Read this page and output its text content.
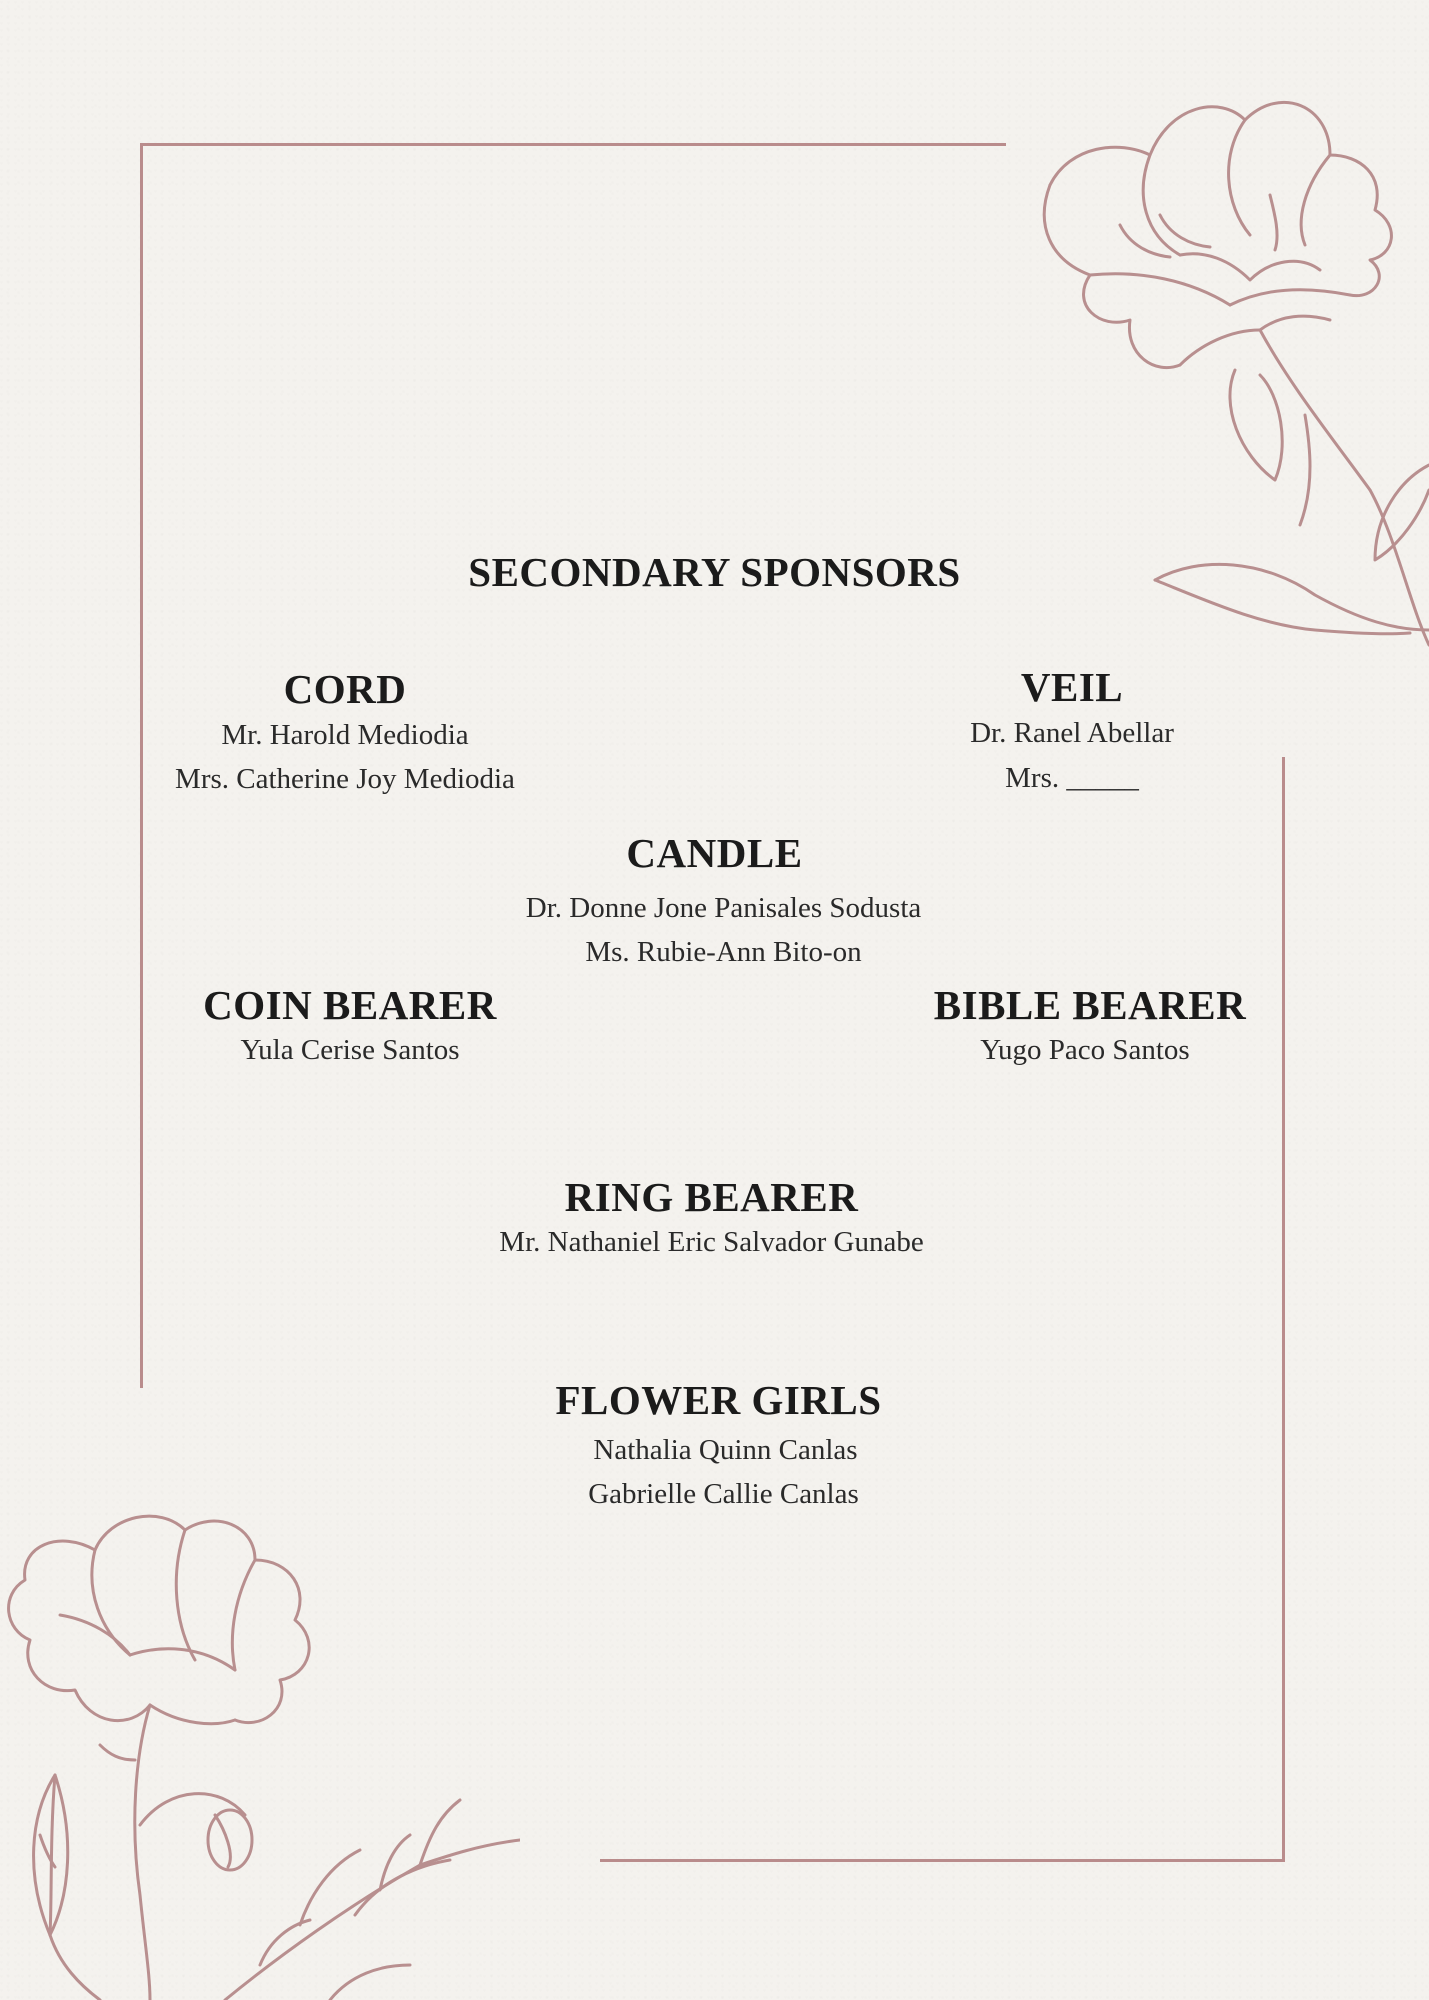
SECONDARY SPONSORS
CORD
Mr. Harold Mediodia
Mrs. Catherine Joy Mediodia
VEIL
Dr. Ranel Abellar
Mrs. _____
CANDLE
Dr. Donne Jone Panisales Sodusta
Ms. Rubie-Ann Bito-on
COIN BEARER
Yula Cerise Santos
BIBLE BEARER
Yugo Paco Santos
RING BEARER
Mr. Nathaniel Eric Salvador Gunabe
FLOWER GIRLS
Nathalia Quinn Canlas
Gabrielle Callie Canlas
